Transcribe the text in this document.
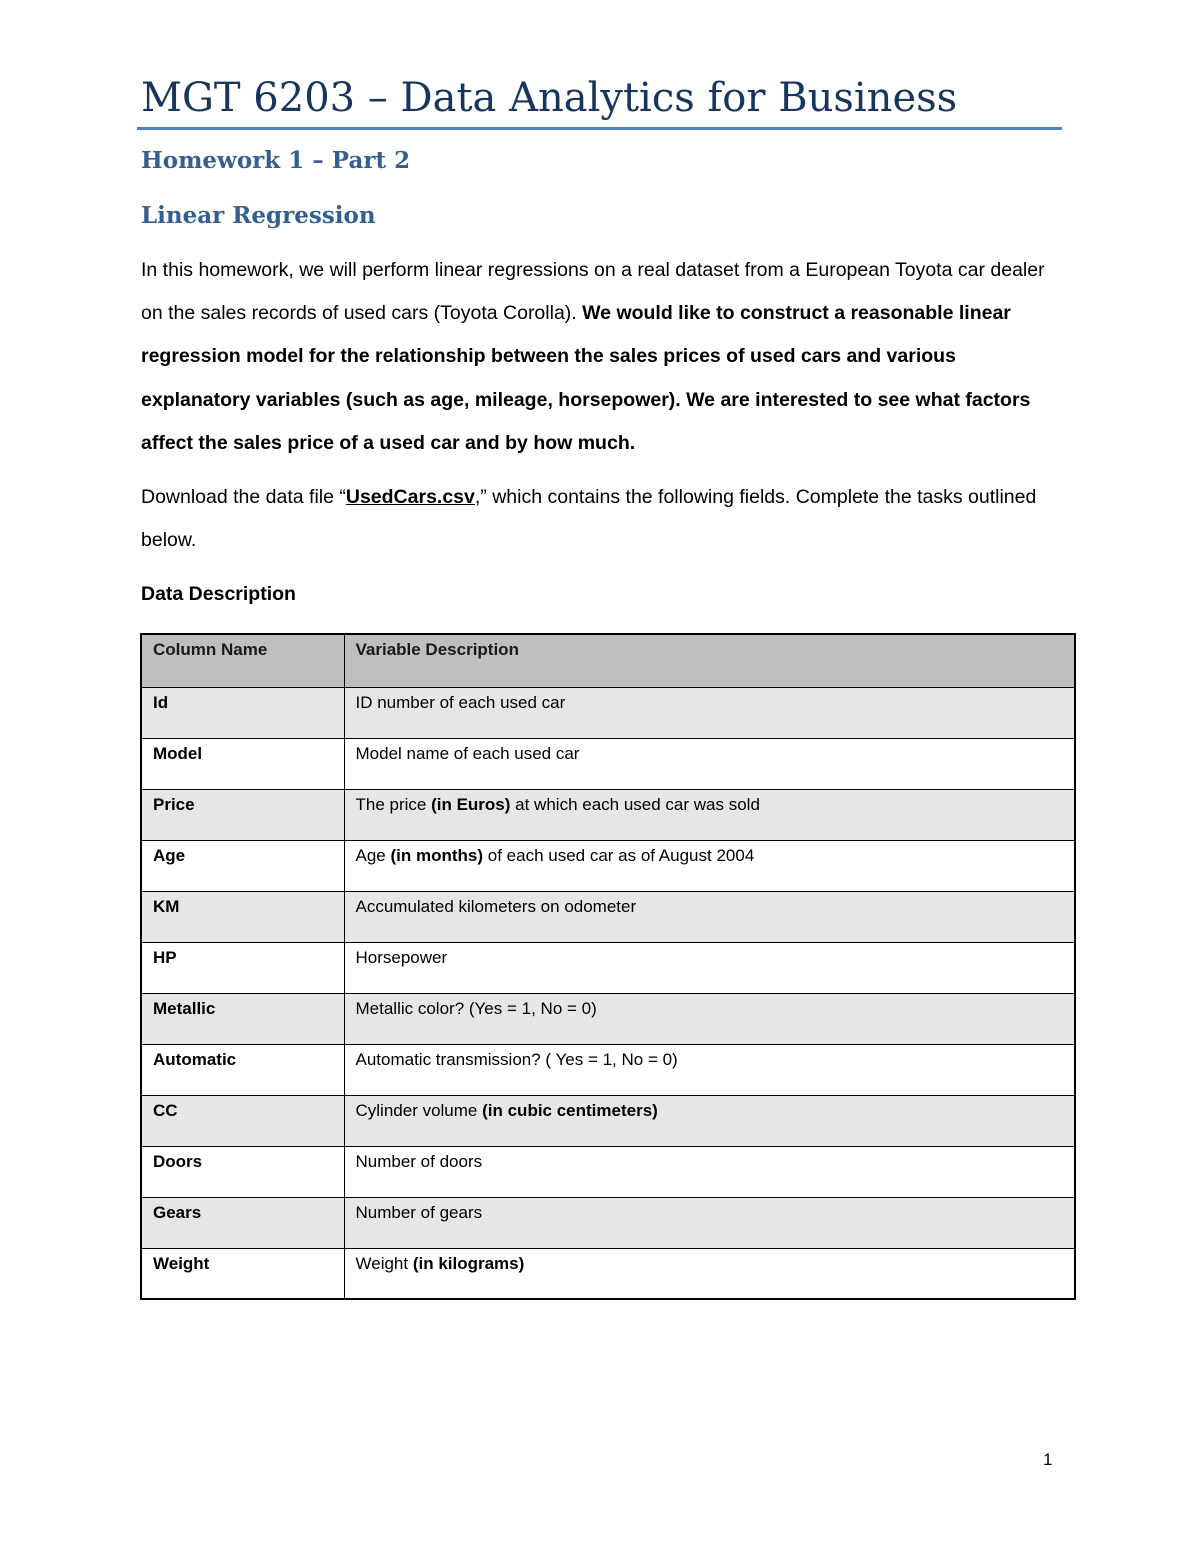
MGT 6203 – Data Analytics for Business
Homework 1 – Part 2
Linear Regression
In this homework, we will perform linear regressions on a real dataset from a European Toyota car dealer on the sales records of used cars (Toyota Corolla). We would like to construct a reasonable linear regression model for the relationship between the sales prices of used cars and various explanatory variables (such as age, mileage, horsepower). We are interested to see what factors affect the sales price of a used car and by how much.
Download the data file “UsedCars.csv,” which contains the following fields. Complete the tasks outlined below.
Data Description
Column Name	Variable Description
Id	ID number of each used car
Model	Model name of each used car
Price	The price (in Euros) at which each used car was sold
Age	Age (in months) of each used car as of August 2004
KM	Accumulated kilometers on odometer
HP	Horsepower
Metallic	Metallic color? (Yes = 1, No = 0)
Automatic	Automatic transmission? ( Yes = 1, No = 0)
CC	Cylinder volume (in cubic centimeters)
Doors	Number of doors
Gears	Number of gears
Weight	Weight (in kilograms)
1
